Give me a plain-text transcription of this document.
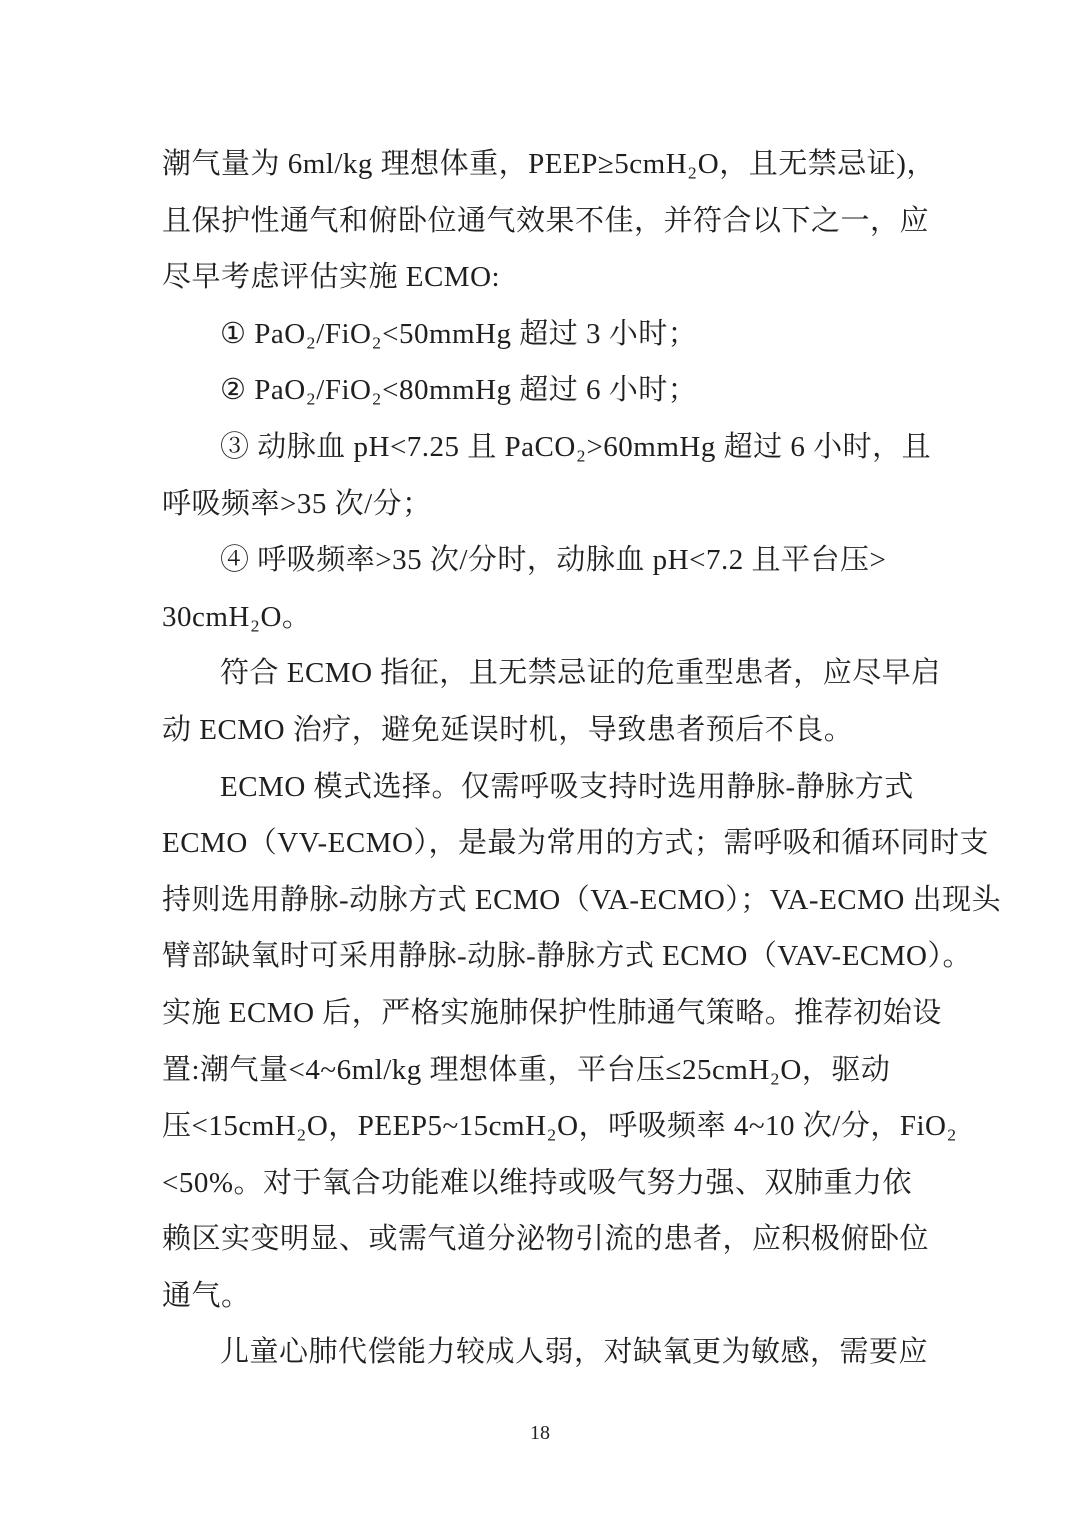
潮气量为 6ml/kg 理想体重，PEEP≥5cmH₂O，且无禁忌证)，
且保护性通气和俯卧位通气效果不佳，并符合以下之一，应
尽早考虑评估实施 ECMO:
① PaO₂/FiO₂<50mmHg 超过 3 小时；
② PaO₂/FiO₂<80mmHg 超过 6 小时；
③ 动脉血 pH<7.25 且 PaCO₂>60mmHg 超过 6 小时，且
呼吸频率>35 次/分；
④ 呼吸频率>35 次/分时，动脉血 pH<7.2 且平台压>
30cmH₂O。
符合 ECMO 指征，且无禁忌证的危重型患者，应尽早启
动 ECMO 治疗，避免延误时机，导致患者预后不良。
ECMO 模式选择。仅需呼吸支持时选用静脉-静脉方式
ECMO（VV-ECMO），是最为常用的方式；需呼吸和循环同时支
持则选用静脉-动脉方式 ECMO（VA-ECMO）；VA-ECMO 出现头
臂部缺氧时可采用静脉-动脉-静脉方式 ECMO（VAV-ECMO）。
实施 ECMO 后，严格实施肺保护性肺通气策略。推荐初始设
置:潮气量<4~6ml/kg 理想体重，平台压≤25cmH₂O，驱动
压<15cmH₂O，PEEP5~15cmH₂O，呼吸频率 4~10 次/分，FiO₂
<50%。对于氧合功能难以维持或吸气努力强、双肺重力依
赖区实变明显、或需气道分泌物引流的患者，应积极俯卧位
通气。
儿童心肺代偿能力较成人弱，对缺氧更为敏感，需要应
18
